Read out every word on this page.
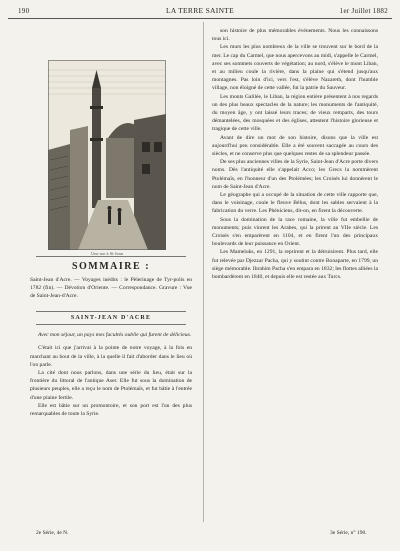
190	LA TERRE SAINTE	1er Juillet 1882
Une rue à St-Jean
SOMMAIRE :
Saint-Jean d'Acre. — Voyages inédits : le Pèlerinage de Tyr-polis en 1782 (fin). — Dévotion d'Oriente. — Correspondance. Gravure : Vue de Saint-Jean-d'Acre.
SAINT-JEAN D'ACRE

Avec mon séjour, un pays mes facultés oublie qui furent de délicieux.

C'était ici que j'arrivai à la pointe de notre voyage, à la fois en marchant au bout de la ville, à la quelle il fait d'aborder dans le lieu où l'on parle.

La cité dont nous parlons, dans une série du lieu, était sur la frontière du littoral de l'antique Aser. Elle fut sous la domination de plusieurs peuples, elle a reçu le nom de Ptolémaïs, et fut bâtie à l'entrée d'une plaine fertile.

Elle est bâtie sur un promontoire, et son port est l'un des plus remarquables de toute la Syrie.

son histoire de plus mémorables événements. Nous les connaissons tous ici.

Les murs les plus nombreux de la ville se trouvent sur le bord de la mer. Le cap du Carmel, que nous apercevons au midi, s'appelle le Carmel, avec ses sommets couverts de végétation; au nord, s'élève le mont Liban, et au milieu coule la rivière, dans la plaine qui s'étend jusqu'aux montagnes. Pas loin d'ici, vers l'est, s'élève Nazareth, dont l'humble village, non éloigné de cette vallée, fut la patrie du Sauveur.

Les monts Galilée, le Liban, la région entière présentent à nos regards un des plus beaux spectacles de la nature; les monuments de l'antiquité, du moyen âge, y ont laissé leurs traces; de vieux remparts, des tours démantelées, des mosquées et des églises, attestent l'histoire glorieuse et tragique de cette ville.

Avant de dire un mot de son histoire, disons que la ville est aujourd'hui peu considérable. Elle a été souvent saccagée au cours des siècles, et ne conserve plus que quelques restes de sa splendeur passée.

De ses plus anciennes villes de la Syrie, Saint-Jean d'Acre porte divers noms. Dès l'antiquité elle s'appelait Acco; les Grecs la nommèrent Ptolémaïs, en l'honneur d'un des Ptolémées; les Croisés lui donnèrent le nom de Saint-Jean d'Acre.

Le géographe qui a occupé de la situation de cette ville rapporte que, dans le voisinage, coule le fleuve Bélus, dont les sables servaient à la fabrication du verre. Les Phéniciens, dit-on, en firent la découverte.

Sous la domination de la race romaine, la ville fut embellie de monuments; puis vinrent les Arabes, qui la prirent au VIIe siècle. Les Croisés s'en emparèrent en 1104, et en firent l'un des principaux boulevards de leur puissance en Orient.

Les Mameluks, en 1291, la reprirent et la détruisirent. Plus tard, elle fut relevée par Djezzar Pacha, qui y soutint contre Bonaparte, en 1799, un siège mémorable. Ibrahim Pacha s'en empara en 1832; les flottes alliées la bombardèrent en 1840, et depuis elle est restée aux Turcs.

2e Série, 4e N.	3e Série, n° 190.
